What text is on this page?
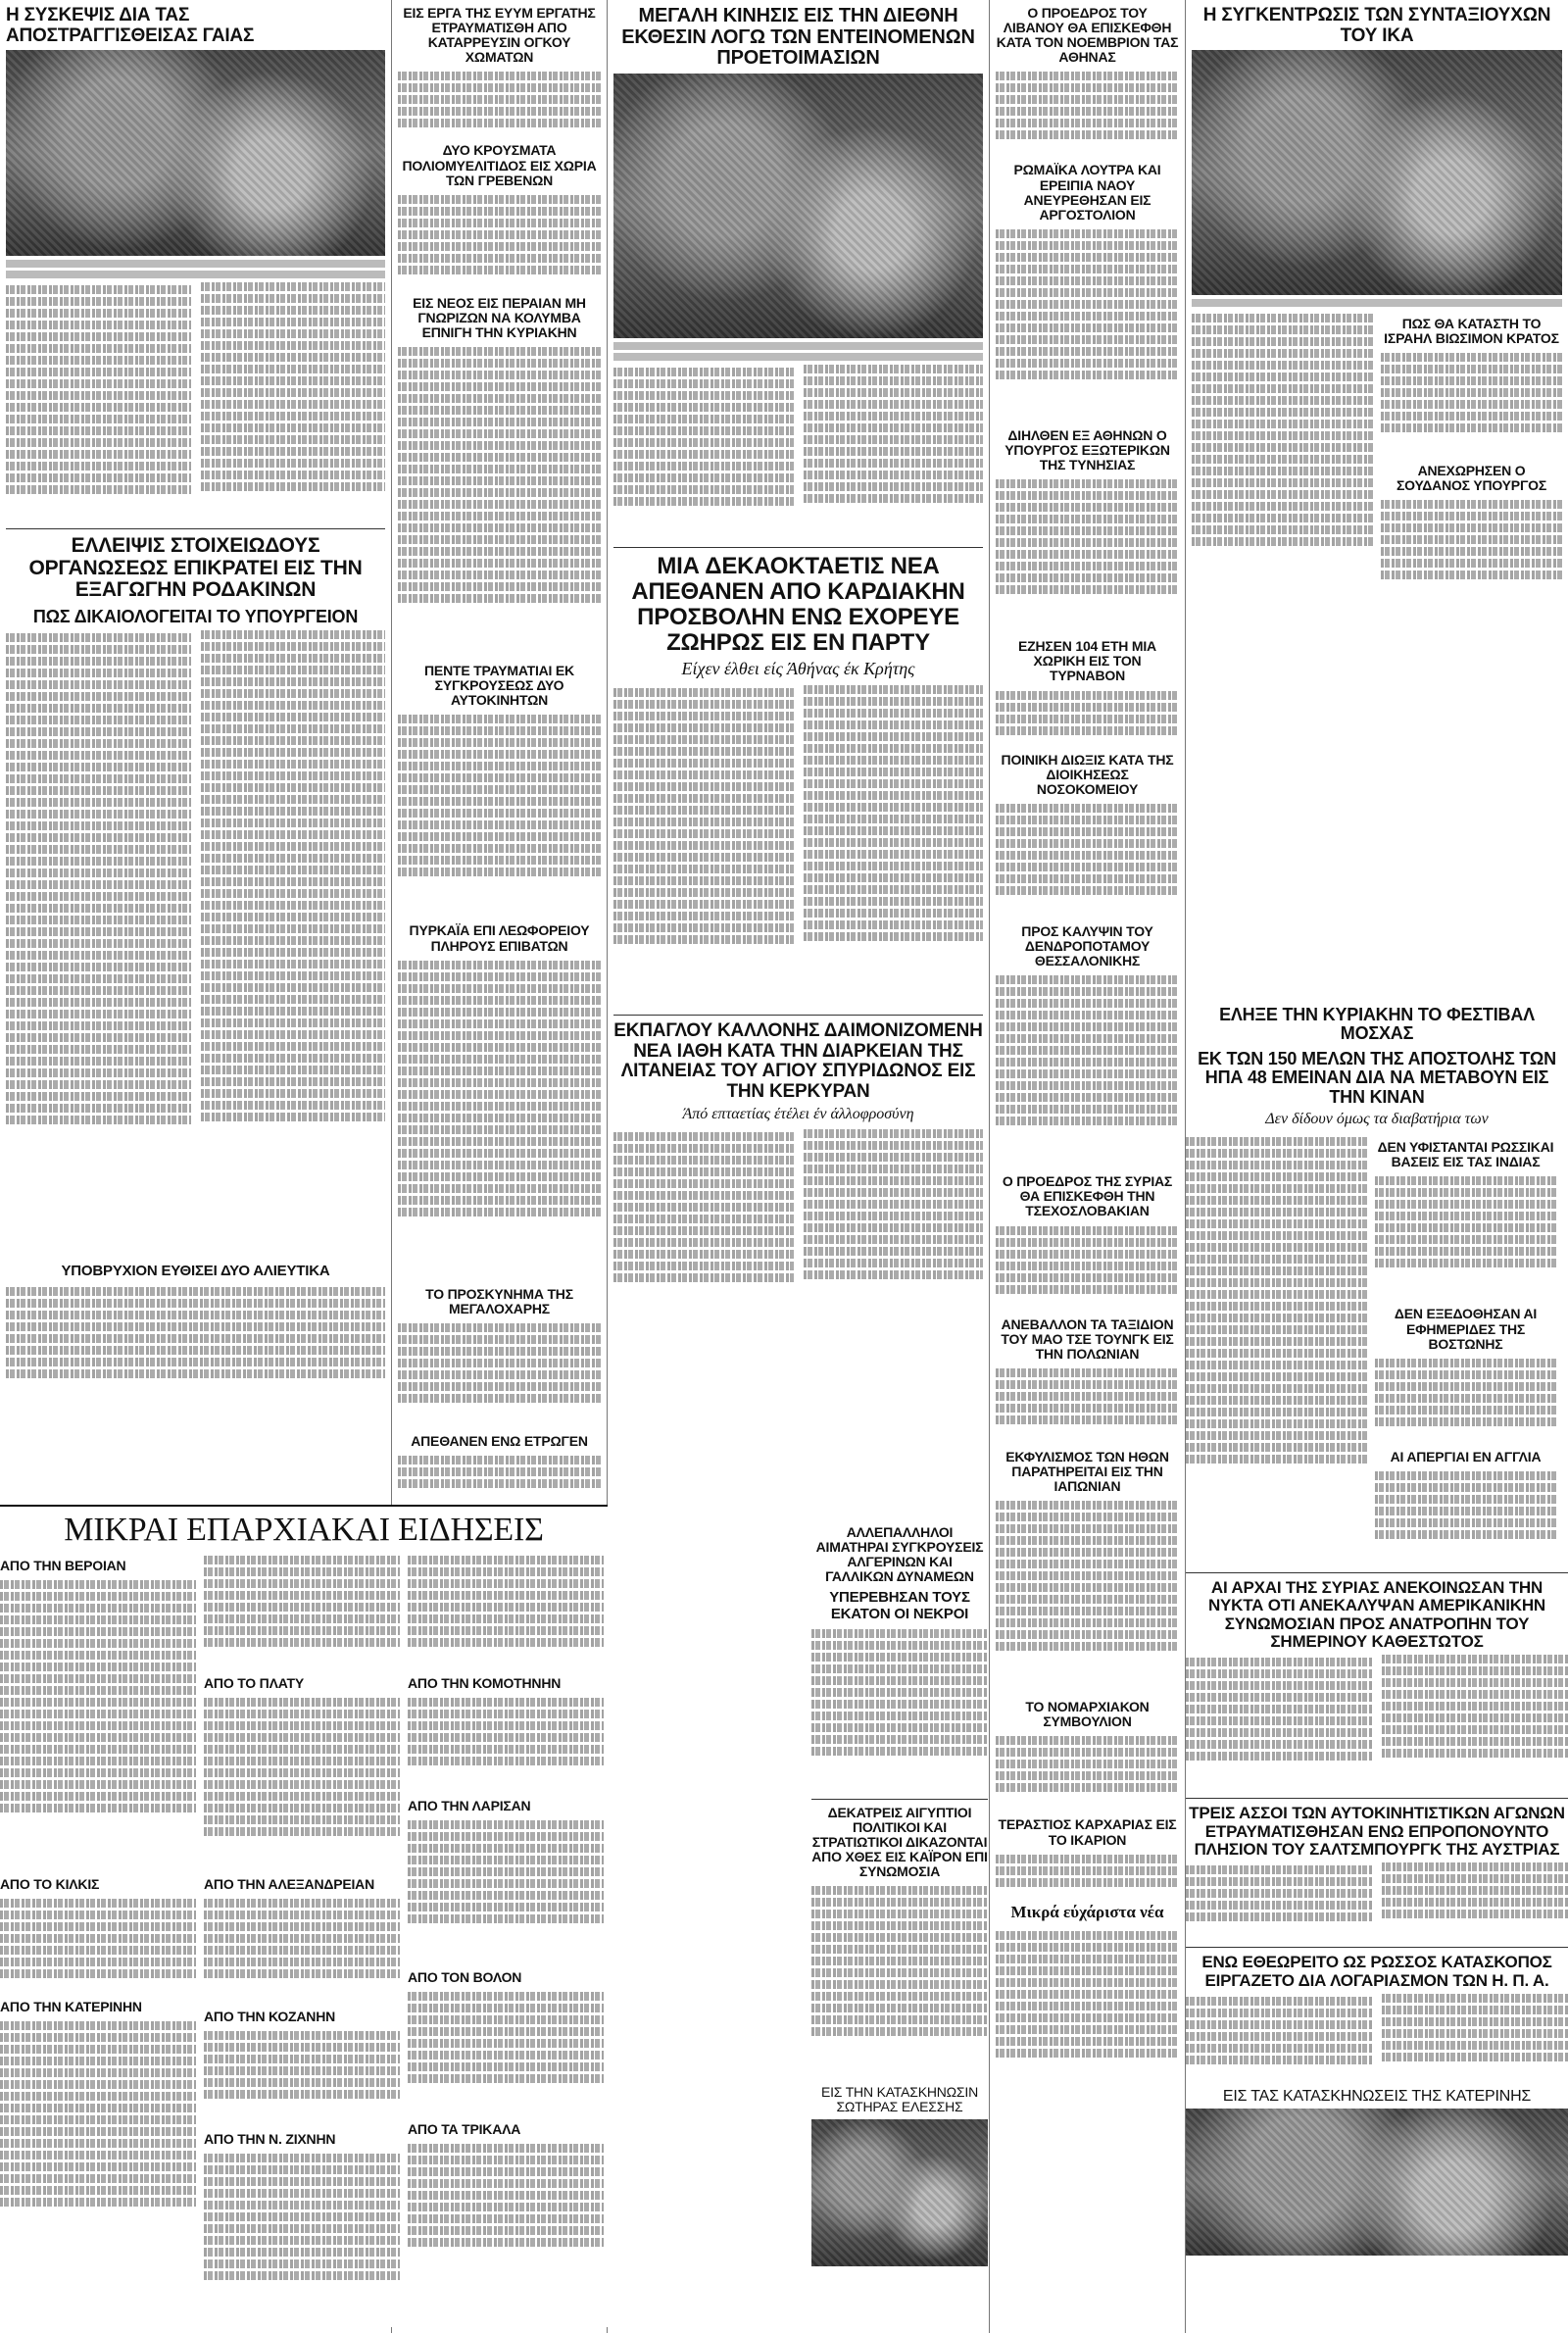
Η ΣΥΣΚΕΨΙΣ ΔΙΑ ΤΑΣ ΑΠΟΣΤΡΑΓΓΙΣΘΕΙΣΑΣ ΓΑΙΑΣ
ΕΛΛΕΙΨΙΣ ΣΤΟΙΧΕΙΩΔΟΥΣ ΟΡΓΑΝΩΣΕΩΣ ΕΠΙΚΡΑΤΕΙ ΕΙΣ ΤΗΝ ΕΞΑΓΩΓΗΝ ΡΟΔΑΚΙΝΩΝ
ΠΩΣ ΔΙΚΑΙΟΛΟΓΕΙΤΑΙ ΤΟ ΥΠΟΥΡΓΕΙΟΝ
ΥΠΟΒΡΥΧΙΟΝ ΕΥΘΙΣΕΙ ΔΥΟ ΑΛΙΕΥΤΙΚΑ
ΕΙΣ ΕΡΓΑ ΤΗΣ ΕΥΥΜ ΕΡΓΑΤΗΣ ΕΤΡΑΥΜΑΤΙΣΘΗ ΑΠΟ ΚΑΤΑΡΡΕΥΣΙΝ ΟΓΚΟΥ ΧΩΜΑΤΩΝ
ΔΥΟ ΚΡΟΥΣΜΑΤΑ ΠΟΛΙΟΜΥΕΛΙΤΙΔΟΣ ΕΙΣ ΧΩΡΙΑ ΤΩΝ ΓΡΕΒΕΝΩΝ
ΕΙΣ ΝΕΟΣ ΕΙΣ ΠΕΡΑΙΑΝ ΜΗ ΓΝΩΡΙΖΩΝ ΝΑ ΚΟΛΥΜΒΑ ΕΠΝΙΓΗ ΤΗΝ ΚΥΡΙΑΚΗΝ
ΠΕΝΤΕ ΤΡΑΥΜΑΤΙΑΙ ΕΚ ΣΥΓΚΡΟΥΣΕΩΣ ΔΥΟ ΑΥΤΟΚΙΝΗΤΩΝ
ΠΥΡΚΑΪΑ ΕΠΙ ΛΕΩΦΟΡΕΙΟΥ ΠΛΗΡΟΥΣ ΕΠΙΒΑΤΩΝ
ΤΟ ΠΡΟΣΚΥΝΗΜΑ ΤΗΣ ΜΕΓΑΛΟΧΑΡΗΣ
ΑΠΕΘΑΝΕΝ ΕΝΩ ΕΤΡΩΓΕΝ
ΜΙΚΡΑΙ ΕΠΑΡΧΙΑΚΑΙ ΕΙΔΗΣΕΙΣ
ΑΠΟ ΤΗΝ ΒΕΡΟΙΑΝ
ΑΠΟ ΤΟ ΚΙΛΚΙΣ
ΑΠΟ ΤΗΝ ΚΑΤΕΡΙΝΗΝ
ΑΠΟ ΤΟ ΠΛΑΤΥ
ΑΠΟ ΤΗΝ ΑΛΕΞΑΝΔΡΕΙΑΝ
ΑΠΟ ΤΗΝ ΚΟΖΑΝΗΝ
ΑΠΟ ΤΗΝ Ν. ΖΙΧΝΗΝ
ΑΠΟ ΤΗΝ ΚΟΜΟΤΗΝΗΝ
ΑΠΟ ΤΗΝ ΛΑΡΙΣΑΝ
ΑΠΟ ΤΟΝ ΒΟΛΟΝ
ΑΠΟ ΤΑ ΤΡΙΚΑΛΑ
ΜΕΓΑΛΗ ΚΙΝΗΣΙΣ ΕΙΣ ΤΗΝ ΔΙΕΘΝΗ ΕΚΘΕΣΙΝ ΛΟΓΩ ΤΩΝ ΕΝΤΕΙΝΟΜΕΝΩΝ ΠΡΟΕΤΟΙΜΑΣΙΩΝ
ΜΙΑ ΔΕΚΑΟΚΤΑΕΤΙΣ ΝΕΑ ΑΠΕΘΑΝΕΝ ΑΠΟ ΚΑΡΔΙΑΚΗΝ ΠΡΟΣΒΟΛΗΝ ΕΝΩ ΕΧΟΡΕΥΕ ΖΩΗΡΩΣ ΕΙΣ ΕΝ ΠΑΡΤΥ
Είχεν έλθει είς Άθήνας έκ Κρήτης
ΕΚΠΑΓΛΟΥ ΚΑΛΛΟΝΗΣ ΔΑΙΜΟΝΙΖΟΜΕΝΗ ΝΕΑ ΙΑΘΗ ΚΑΤΑ ΤΗΝ ΔΙΑΡΚΕΙΑΝ ΤΗΣ ΛΙΤΑΝΕΙΑΣ ΤΟΥ ΑΓΙΟΥ ΣΠΥΡΙΔΩΝΟΣ ΕΙΣ ΤΗΝ ΚΕΡΚΥΡΑΝ
Άπό επταετίας έτέλει έν άλλοφροσύνη
Ο ΠΡΟΕΔΡΟΣ ΤΟΥ ΛΙΒΑΝΟΥ ΘΑ ΕΠΙΣΚΕΦΘΗ ΚΑΤΑ ΤΟΝ ΝΟΕΜΒΡΙΟΝ ΤΑΣ ΑΘΗΝΑΣ
ΡΩΜΑΪΚΑ ΛΟΥΤΡΑ ΚΑΙ ΕΡΕΙΠΙΑ ΝΑΟΥ ΑΝΕΥΡΕΘΗΣΑΝ ΕΙΣ ΑΡΓΟΣΤΟΛΙΟΝ
ΔΙΗΛΘΕΝ ΕΞ ΑΘΗΝΩΝ Ο ΥΠΟΥΡΓΟΣ ΕΞΩΤΕΡΙΚΩΝ ΤΗΣ ΤΥΝΗΣΙΑΣ
ΕΖΗΣΕΝ 104 ΕΤΗ ΜΙΑ ΧΩΡΙΚΗ ΕΙΣ ΤΟΝ ΤΥΡΝΑΒΟΝ
ΠΟΙΝΙΚΗ ΔΙΩΞΙΣ ΚΑΤΑ ΤΗΣ ΔΙΟΙΚΗΣΕΩΣ ΝΟΣΟΚΟΜΕΙΟΥ
ΠΡΟΣ ΚΑΛΥΨΙΝ ΤΟΥ ΔΕΝΔΡΟΠΟΤΑΜΟΥ ΘΕΣΣΑΛΟΝΙΚΗΣ
Ο ΠΡΟΕΔΡΟΣ ΤΗΣ ΣΥΡΙΑΣ ΘΑ ΕΠΙΣΚΕΦΘΗ ΤΗΝ ΤΣΕΧΟΣΛΟΒΑΚΙΑΝ
ΑΝΕΒΑΛΛΟΝ ΤΑ ΤΑΞΙΔΙΟΝ ΤΟΥ ΜΑΟ ΤΣΕ ΤΟΥΝΓΚ ΕΙΣ ΤΗΝ ΠΟΛΩΝΙΑΝ
ΕΚΦΥΛΙΣΜΟΣ ΤΩΝ ΗΘΩΝ ΠΑΡΑΤΗΡΕΙΤΑΙ ΕΙΣ ΤΗΝ ΙΑΠΩΝΙΑΝ
ΤΟ ΝΟΜΑΡΧΙΑΚΟΝ ΣΥΜΒΟΥΛΙΟΝ
ΤΕΡΑΣΤΙΟΣ ΚΑΡΧΑΡΙΑΣ ΕΙΣ ΤΟ ΙΚΑΡΙΟΝ
Μικρά εύχάριστα νέα
Η ΣΥΓΚΕΝΤΡΩΣΙΣ ΤΩΝ ΣΥΝΤΑΞΙΟΥΧΩΝ ΤΟΥ ΙΚΑ
ΠΩΣ ΘΑ ΚΑΤΑΣΤΗ ΤΟ ΙΣΡΑΗΛ ΒΙΩΣΙΜΟΝ ΚΡΑΤΟΣ
ΑΝΕΧΩΡΗΣΕΝ Ο ΣΟΥΔΑΝΟΣ ΥΠΟΥΡΓΟΣ
ΕΛΗΞΕ ΤΗΝ ΚΥΡΙΑΚΗΝ ΤΟ ΦΕΣΤΙΒΑΛ ΜΟΣΧΑΣ
ΕΚ ΤΩΝ 150 ΜΕΛΩΝ ΤΗΣ ΑΠΟΣΤΟΛΗΣ ΤΩΝ ΗΠΑ 48 ΕΜΕΙΝΑΝ ΔΙΑ ΝΑ ΜΕΤΑΒΟΥΝ ΕΙΣ ΤΗΝ ΚΙΝΑΝ
Δεν δίδουν όμως τα διαβατήρια των
ΔΕΝ ΥΦΙΣΤΑΝΤΑΙ ΡΩΣΣΙΚΑΙ ΒΑΣΕΙΣ ΕΙΣ ΤΑΣ ΙΝΔΙΑΣ
ΔΕΝ ΕΞΕΔΟΘΗΣΑΝ ΑΙ ΕΦΗΜΕΡΙΔΕΣ ΤΗΣ ΒΟΣΤΩΝΗΣ
ΑΙ ΑΠΕΡΓΙΑΙ ΕΝ ΑΓΓΛΙΑ
ΑΙ ΑΡΧΑΙ ΤΗΣ ΣΥΡΙΑΣ ΑΝΕΚΟΙΝΩΣΑΝ ΤΗΝ ΝΥΚΤΑ ΟΤΙ ΑΝΕΚΑΛΥΨΑΝ ΑΜΕΡΙΚΑΝΙΚΗΝ ΣΥΝΩΜΟΣΙΑΝ ΠΡΟΣ ΑΝΑΤΡΟΠΗΝ ΤΟΥ ΣΗΜΕΡΙΝΟΥ ΚΑΘΕΣΤΩΤΟΣ
ΤΡΕΙΣ ΑΣΣΟΙ ΤΩΝ ΑΥΤΟΚΙΝΗΤΙΣΤΙΚΩΝ ΑΓΩΝΩΝ ΕΤΡΑΥΜΑΤΙΣΘΗΣΑΝ ΕΝΩ ΕΠΡΟΠΟΝΟΥΝΤΟ ΠΛΗΣΙΟΝ ΤΟΥ ΣΑΛΤΣΜΠΟΥΡΓΚ ΤΗΣ ΑΥΣΤΡΙΑΣ
ΕΝΩ ΕΘΕΩΡΕΙΤΟ ΩΣ ΡΩΣΣΟΣ ΚΑΤΑΣΚΟΠΟΣ ΕΙΡΓΑΖΕΤΟ ΔΙΑ ΛΟΓΑΡΙΑΣΜΟΝ ΤΩΝ Η. Π. Α.
ΕΙΣ ΤΑΣ ΚΑΤΑΣΚΗΝΩΣΕΙΣ ΤΗΣ ΚΑΤΕΡΙΝΗΣ
ΑΛΛΕΠΑΛΛΗΛΟΙ ΑΙΜΑΤΗΡΑΙ ΣΥΓΚΡΟΥΣΕΙΣ ΑΛΓΕΡΙΝΩΝ ΚΑΙ ΓΑΛΛΙΚΩΝ ΔΥΝΑΜΕΩΝ
ΥΠΕΡΕΒΗΣΑΝ ΤΟΥΣ ΕΚΑΤΟΝ ΟΙ ΝΕΚΡΟΙ
ΔΕΚΑΤΡΕΙΣ ΑΙΓΥΠΤΙΟΙ ΠΟΛΙΤΙΚΟΙ ΚΑΙ ΣΤΡΑΤΙΩΤΙΚΟΙ ΔΙΚΑΖΟΝΤΑΙ ΑΠΟ ΧΘΕΣ ΕΙΣ ΚΑΪΡΟΝ ΕΠΙ ΣΥΝΩΜΟΣΙΑ
ΕΙΣ ΤΗΝ ΚΑΤΑΣΚΗΝΩΣΙΝ ΣΩΤΗΡΑΣ ΕΛΕΣΣΗΣ
